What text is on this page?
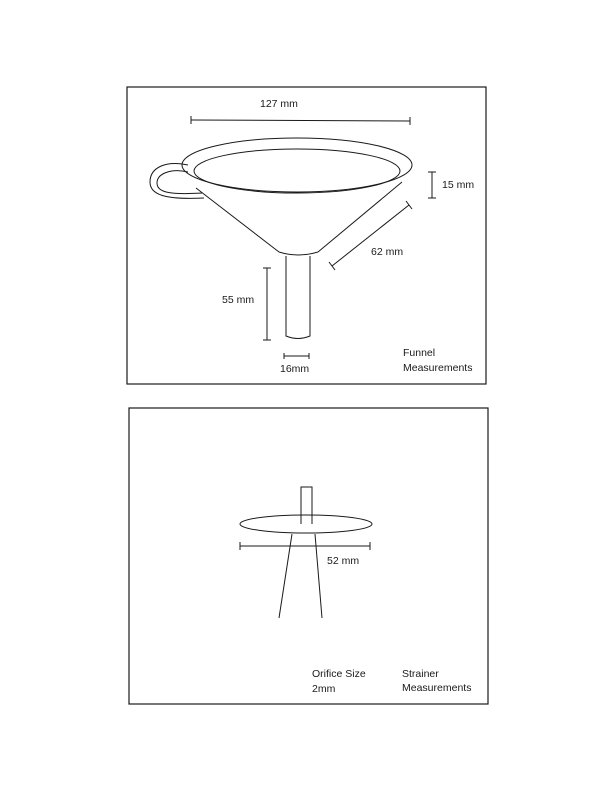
127 mm
15 mm
62 mm
55 mm
16mm
Funnel
Measurements
52 mm
Orifice Size
2mm
Strainer
Measurements
